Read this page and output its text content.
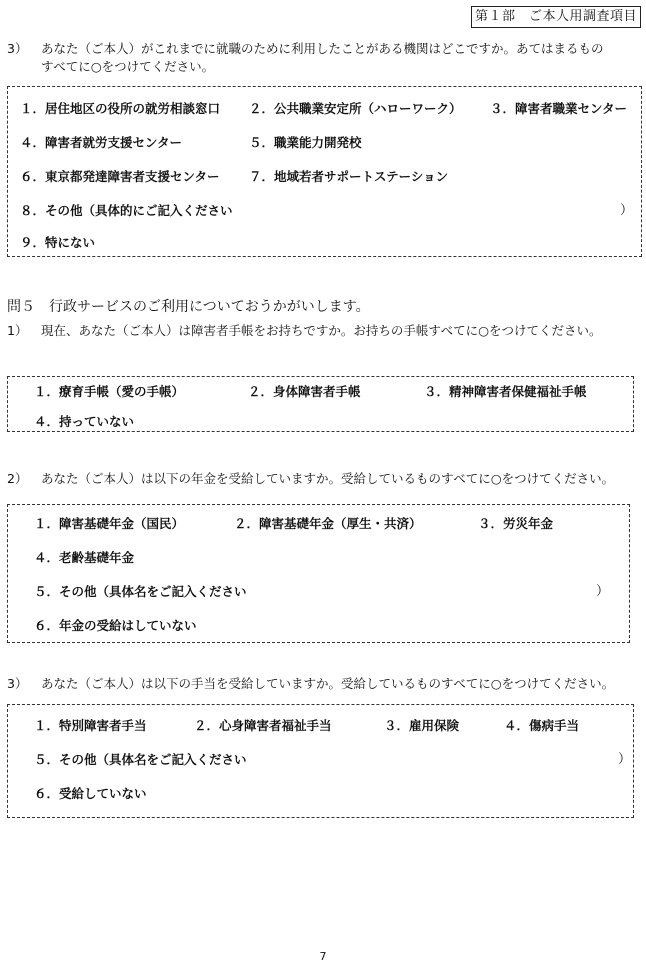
第１部　ご本人用調査項目
3） あなた（ご本人）がこれまでに就職のために利用したことがある機関はどこですか。あてはまるもの
すべてに○をつけてください。
１．居住地区の役所の就労相談窓口 ２．公共職業安定所（ハローワーク） ３．障害者職業センター
４．障害者就労支援センター	５．職業能力開発校
６．東京都発達障害者支援センター ７．地域若者サポートステーション
８．その他（具体的にご記入ください	）
９．特にない
問５　行政サービスのご利用についておうかがいします。
1） 現在、あなた（ご本人）は障害者手帳をお持ちですか。お持ちの手帳すべてに○をつけてください。
１．療育手帳（愛の手帳）	２．身体障害者手帳	３．精神障害者保健福祉手帳
４．持っていない
2） あなた（ご本人）は以下の年金を受給していますか。受給しているものすべてに○をつけてください。
１．障害基礎年金（国民）	２．障害基礎年金（厚生・共済）	３．労災年金
４．老齢基礎年金
５．その他（具体名をご記入ください	）
６．年金の受給はしていない
3） あなた（ご本人）は以下の手当を受給していますか。受給しているものすべてに○をつけてください。
１．特別障害者手当	２．心身障害者福祉手当	３．雇用保険	４．傷病手当
５．その他（具体名をご記入ください	）
６．受給していない
7
